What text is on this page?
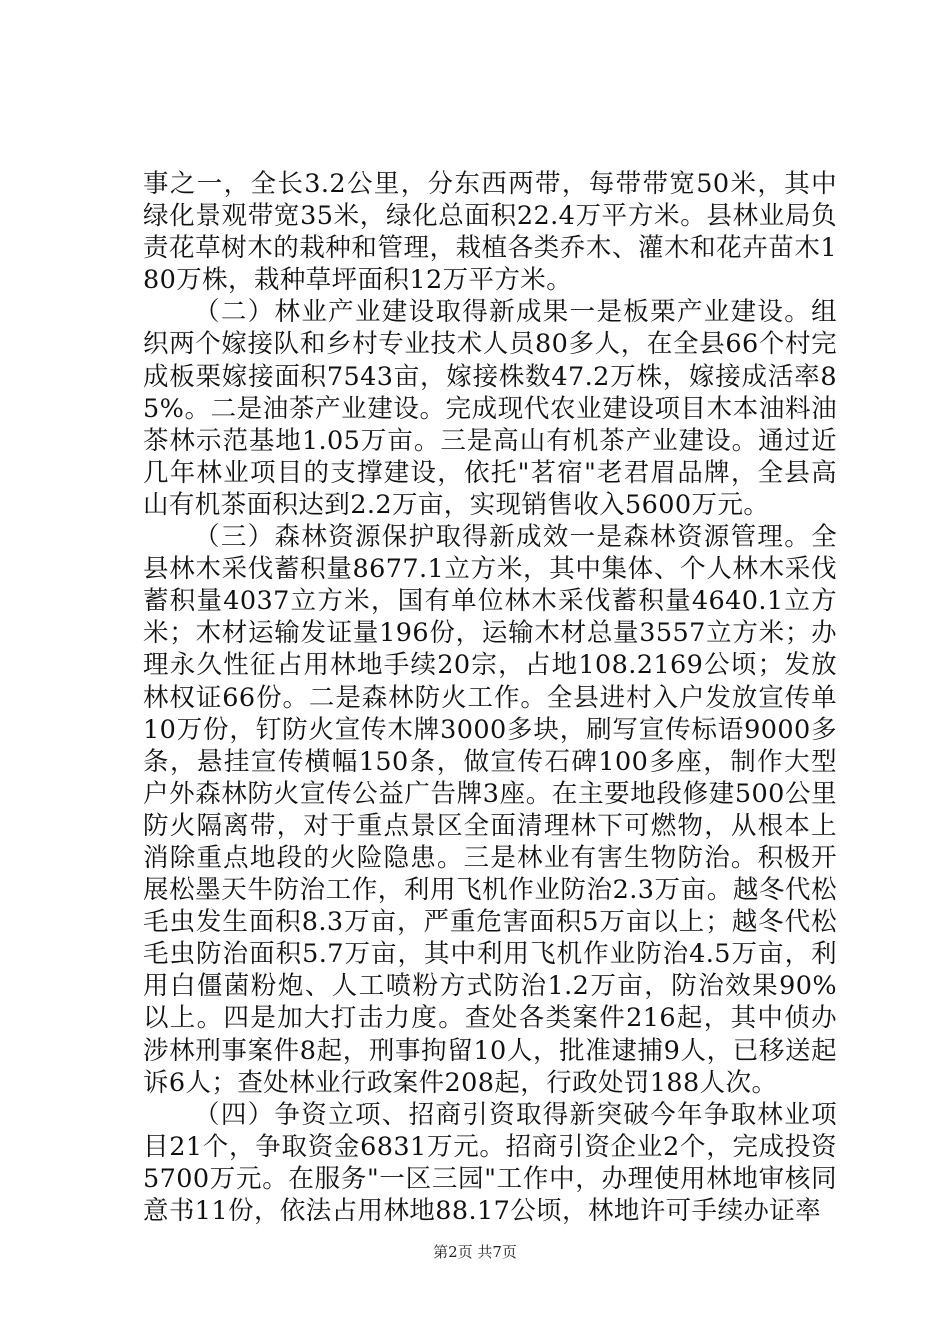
事之一，全长3.2公里，分东西两带，每带带宽50米，其中绿化景观带宽35米，绿化总面积22.4万平方米。县林业局负责花草树木的栽种和管理，栽植各类乔木、灌木和花卉苗木180万株，栽种草坪面积12万平方米。

（二）林业产业建设取得新成果一是板栗产业建设。组织两个嫁接队和乡村专业技术人员80多人，在全县66个村完成板栗嫁接面积7543亩，嫁接株数47.2万株，嫁接成活率85%。二是油茶产业建设。完成现代农业建设项目木本油料油茶林示范基地1.05万亩。三是高山有机茶产业建设。通过近几年林业项目的支撑建设，依托"茗宿"老君眉品牌，全县高山有机茶面积达到2.2万亩，实现销售收入5600万元。

（三）森林资源保护取得新成效一是森林资源管理。全县林木采伐蓄积量8677.1立方米，其中集体、个人林木采伐蓄积量4037立方米，国有单位林木采伐蓄积量4640.1立方米；木材运输发证量196份，运输木材总量3557立方米；办理永久性征占用林地手续20宗，占地108.2169公顷；发放林权证66份。二是森林防火工作。全县进村入户发放宣传单10万份，钉防火宣传木牌3000多块，刷写宣传标语9000多条，悬挂宣传横幅150条，做宣传石碑100多座，制作大型户外森林防火宣传公益广告牌3座。在主要地段修建500公里防火隔离带，对于重点景区全面清理林下可燃物，从根本上消除重点地段的火险隐患。三是林业有害生物防治。积极开展松墨天牛防治工作，利用飞机作业防治2.3万亩。越冬代松毛虫发生面积8.3万亩，严重危害面积5万亩以上；越冬代松毛虫防治面积5.7万亩，其中利用飞机作业防治4.5万亩，利用白僵菌粉炮、人工喷粉方式防治1.2万亩，防治效果90%以上。四是加大打击力度。查处各类案件216起，其中侦办涉林刑事案件8起，刑事拘留10人，批准逮捕9人，已移送起诉6人；查处林业行政案件208起，行政处罚188人次。

（四）争资立项、招商引资取得新突破今年争取林业项目21个，争取资金6831万元。招商引资企业2个，完成投资5700万元。在服务"一区三园"工作中，办理使用林地审核同意书11份，依法占用林地88.17公顷，林地许可手续办证率

第2页 共7页
